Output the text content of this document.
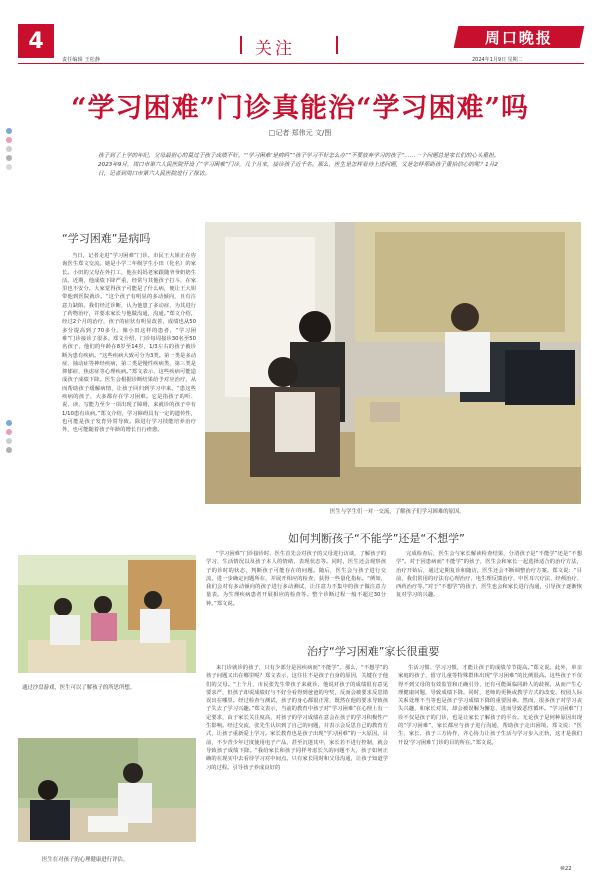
4
责任编辑 王松静
关注
周口晚报
2024年1月9日 星期二
“学习困难”门诊真能治“学习困难”吗
□记者 郑伟元 文/图
孩子到了上学的年纪，父母最担心的莫过于孩子成绩不好。“‘学习困难’是病吗”“孩子学习不好怎么办”“不要放弃学习的孩子”……一个问题总是家长们的心头重担。2023年9月，周口市第六人民医院开设了“学习困难”门诊，几个月来，接诊孩子近千名。那么，医生是怎样看待上述问题，又是怎样帮助孩子重拾信心的呢？1月2日，记者到周口市第六人民医院进行了探访。
“学习困难”是病吗

当日，记者走进“学习困难”门诊。市民王大姐正在咨询医生郑文交流。她是小学二年级学生小田（化名）的家长。小田的父母在外打工，他在妈妈老家跟随爷爷奶奶生活。近期，他成绩下降严重，经常与其他孩子打斗，在家里也不安分。大家觉得孩子可能是了什么病，便让王大姐带他到医院就诊。“这个孩子有明显的多动倾向，且有注意力缺陷。我们经过诊断，认为他患了多动症，为其进行了药物治疗，并要求家长与他做沟通，沟通。”郑文介绍，经过2个月的治疗，孩子的症状有明显改善，成绩也从50多分提高到了70多分。像小田这样的患者，“学习困难”门诊接诊了很多。郑文介绍，门诊每周接诊30名至50名孩子，他们的年龄在8岁至14岁，1/3左右的孩子被诊断为患有疾病。“这些疾病大致可分为3类。第一类是多动症、抽动症等神经疾病，第二类是慢性疾病类，第三类是抑郁症、焦虑症等心理疾病。”郑文表示，这些疾病可能造成孩子成绩下降。医生会根据诊断结果给予对应治疗，从而帮助孩子缓解病情，让孩子回归到学习中来。“患这些疾病的孩子，大多都存在学习困难。它是指孩子的听、说、读、写能力至少一项出现了障碍，来就诊的孩子中有1/10患有该病。”郑文介绍，学习障碍具有一定的遗传性，也可能是孩子发育异常导致。除进行学习技能培养治疗外，也可能随着孩子年龄的增长自行痊愈。

医生与学生们一对一交流，了解孩子们学习困难的原因。
如何判断孩子“不能学”还是“不想学”

“学习困难”门诊接诊时，医生首先会对孩子的父母进行访谈，了解孩子的学习、生活情况以及孩子本人的情绪、表现状态等。同时，医生还会观察孩子的诊时的状态，判断孩子可能存在的问题。随后，医生会与孩子进行交流，进一步确定问题所在，并展开相应的检查，获得一些量化指标。“例如，我们会对有多动倾向的孩子进行多动测试，让注意力不集中的孩子做注意力量表。为生理疾病患者开展相应的检查等。整个诊断过程一般不超过30分钟。”郑文说。

完成检查后，医生会与家长解读检查结果，分清孩子是“不能学”还是“不想学”。对于因患病而“不能学”的孩子，医生会和家长一起选择适合的治疗方法，治疗开始后，通过定期复诊和随访，医生还会不断调整治疗方案。郑文说：“目前，我们常用的疗法有心理治疗、电生理反馈治疗、中医耳穴疗法、经颅治疗、西药治疗等。”对于“不想学”的孩子，医生也会和家长进行沟通，引导孩子逐渐恢复对学习的兴趣。

通过沙盘游戏，医生可以了解孩子的所思所想。
医生在对孩子的心理健康进行评估。
治疗“学习困难”家长很重要

来门诊就诊的孩子，只有少部分是因疾病而“不能学”。那么，“不想学”的孩子问题又出在哪里呢？郑文表示，这往往不是孩子自身的原因，关键在于他们的父母。“上个月，市民张先生带孩子来就诊，他说对孩子的成绩很有意见要求严，但孩子却说成绩好与不好全看得到爸爸的夸奖，反而会被要求反思错误出在哪里。经过检查与测试，孩子的身心都很正常，既然在他的要求导致孩子失去了学习兴趣。”郑文表示，当前的教育中孩子对“学习困难”在心理上有一定要求，由于家长关注度高，对孩子的学习成绩在意会在孩子的学习积极性产生影响。经过交流，张先生认识到了自己的问题，并表示会反思自己的教育方式，让孩子重新爱上学习。家长教育也是孩子出现“学习困难”的一大原因。目前，不少青少年过度使用电子产品，甚至沉迷其中，家长若不进行控制，就会导致孩子成绩下降。“我给家长和孩子同样考虑长久的问题不大，孩子如何正确的在现实中去看待学习对中间点。只有家长同时和父母沟通，让孩子知道学习的过程。引导孩子养成良好的

生活习惯、学习习惯，才能让孩子的成绩节节提高。”郑文说。此外，单亲家庭的孩子、留守儿童等特殊群体出现“学习困难”的比例很高。这些孩子不仅得不到父母的有效监管和正确引导，还有可能面临同龄人的歧视，从而产生心理健康问题，导致成绩下降。同时，老师的更换或教学方式的改变、校园人际关系处理不当等也是孩子学习成绩下降的重要因素。然而，很多孩子对学习丧失兴趣，和家长对其，却会被误解为懈怠，进而导致恶性循环。“学习困难”门诊不仅是孩子的门诊，也是让家长了解孩子的平台。无论孩子是何种原因出现的“学习困难”，家长都应与孩子进行沟通，帮助孩子走出困境。郑文说：“医生、家长、孩子三方协作，齐心协力让孩子生活与学习步入正轨，这才是我们开设‘学习困难’门诊的目的所在。”郑文说。

⑩22
